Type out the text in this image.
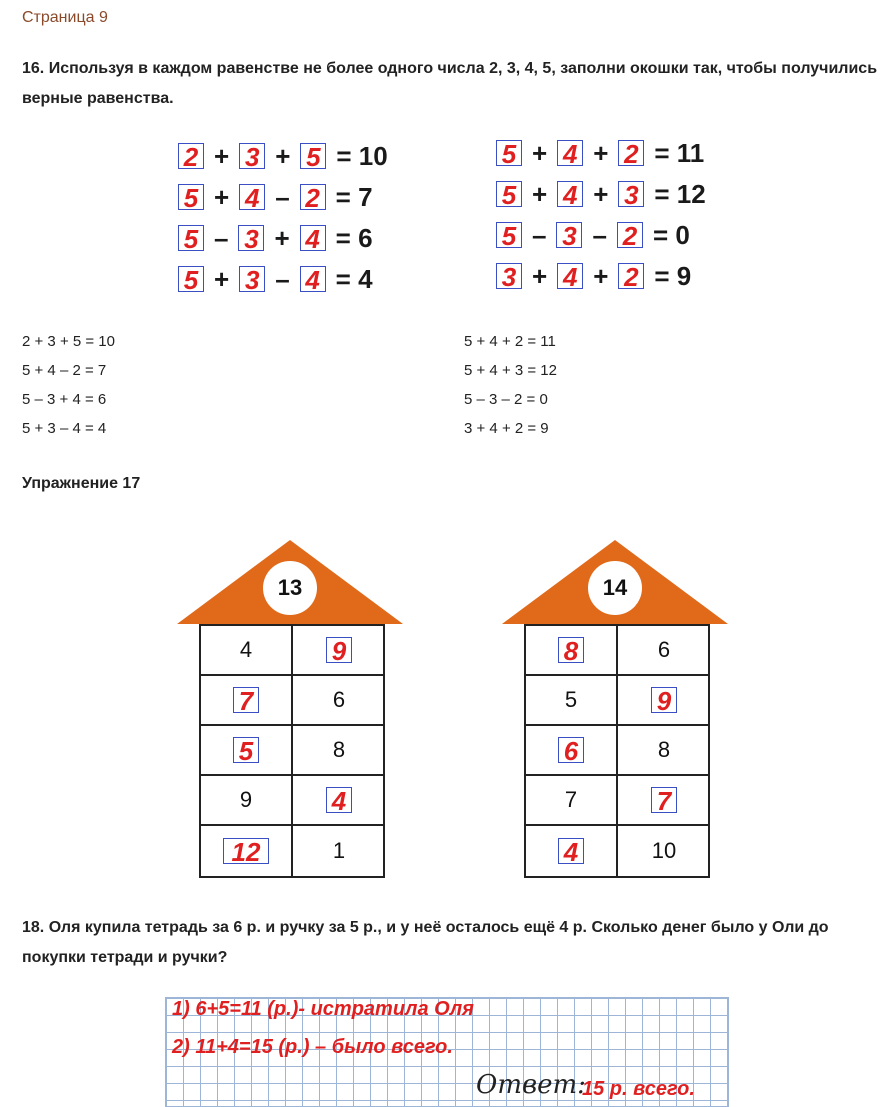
Страница 9
16. Используя в каждом равенстве не более одного числа 2, 3, 4, 5, заполни окошки так, чтобы получились верные равенства.
2 + 3 + 5 = 10
5 + 4 – 2 = 7
5 – 3 + 4 = 6
5 + 3 – 4 = 4
5 + 4 + 2 = 11
5 + 4 + 3 = 12
5 – 3 – 2 = 0
3 + 4 + 2 = 9
2 + 3 + 5 = 10
5 + 4 – 2 = 7
5 – 3 + 4 = 6
5 + 3 – 4 = 4
5 + 4 + 2 = 11
5 + 4 + 3 = 12
5 – 3 – 2 = 0
3 + 4 + 2 = 9
Упражнение 17
13
4	9
7	6
5	8
9	4
12	1
14
8	6
5	9
6	8
7	7
4	10
18. Оля купила тетрадь за 6 р. и ручку за 5 р., и у неё осталось ещё 4 р. Сколько денег было у Оли до покупки тетради и ручки?
1) 6+5=11 (р.)- истратила Оля
2) 11+4=15 (р.) – было всего.
Ответ:
15 р. всего.
